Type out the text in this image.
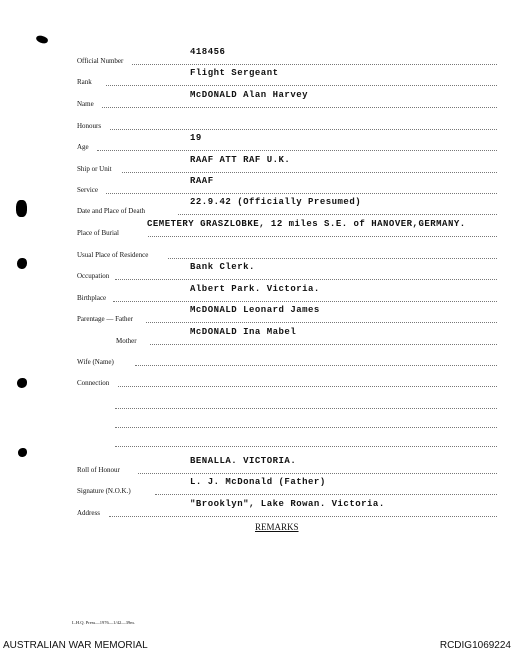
Official Number
418456
Rank
Flight Sergeant
Name
McDONALD Alan Harvey
Honours
Age
19
Ship or Unit
RAAF ATT RAF U.K.
Service
RAAF
Date and Place of Death
22.9.42 (Officially Presumed)
Place of Burial
CEMETERY GRASZLOBKE, 12 miles S.E. of HANOVER,GERMANY.
Usual Place of Residence
Occupation
Bank Clerk.
Birthplace
Albert Park. Victoria.
Parentage — Father
McDONALD Leonard James
Mother
McDONALD Ina Mabel
Wife (Name)
Connection
Roll of Honour
BENALLA. VICTORIA.
Signature (N.O.K.)
L. J. McDonald (Father)
Address
"Brooklyn", Lake Rowan. Victoria.
REMARKS
L.H.Q. Press—1976—1/42—39m.
AUSTRALIAN WAR MEMORIAL	RCDIG1069224
